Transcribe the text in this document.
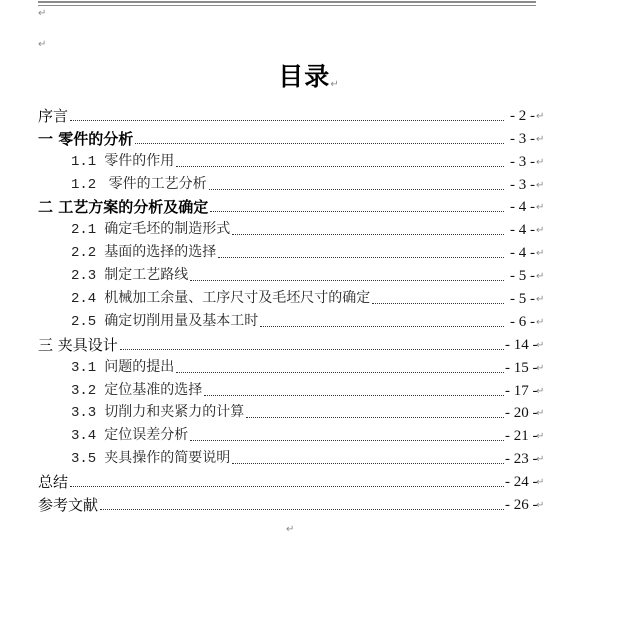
↵
↵
目录↵
序言	- 2 - ↵
一 零件的分析	- 3 - ↵
1.1 零件的作用	- 3 - ↵
1.2 零件的工艺分析	- 3 - ↵
二 工艺方案的分析及确定	- 4 - ↵
2.1 确定毛坯的制造形式	- 4 - ↵
2.2 基面的选择的选择	- 4 - ↵
2.3 制定工艺路线	- 5 - ↵
2.4 机械加工余量、工序尺寸及毛坯尺寸的确定	- 5 - ↵
2.5 确定切削用量及基本工时	- 6 - ↵
三 夹具设计	- 14 -
↵
3.1 问题的提出	- 15 -
↵
3.2 定位基准的选择	- 17 -
↵
3.3 切削力和夹紧力的计算	- 20 -
↵
3.4 定位误差分析	- 21 -
↵
3.5 夹具操作的简要说明	- 23 -
↵
总结	- 24 -
↵
参考文献	- 26 -
↵
↵
